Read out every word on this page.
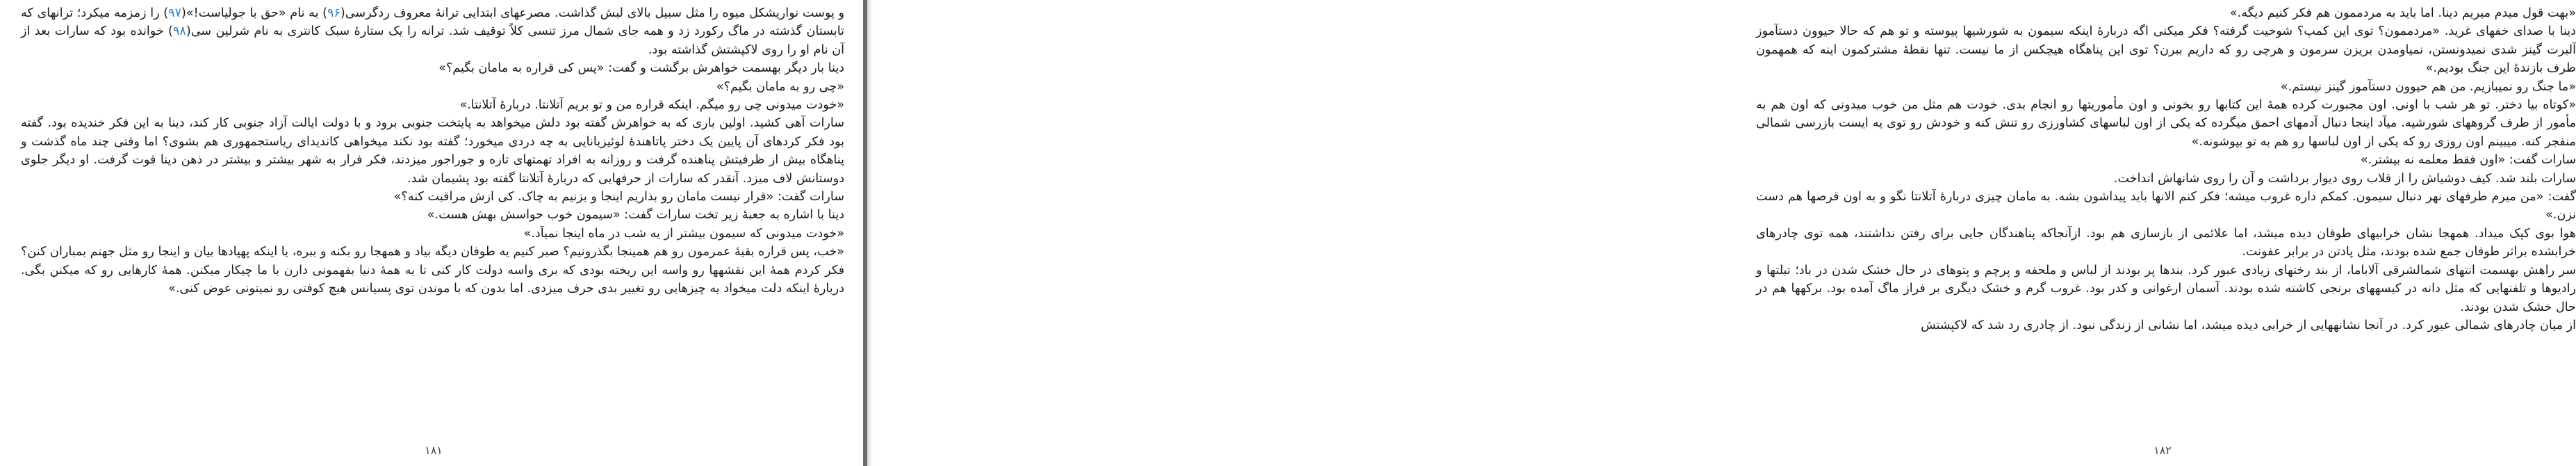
و پوست نواریشکل میوه را مثل سبیل بالای لبش گذاشت. مصرعهای ابتدایی ترانهٔ معروف ردگرسی(۹۶) به نام «حق با جولیاست!»(۹۷) را زمزمه میکرد؛ ترانهای که تابستان گذشته در ماگ رکورد زد و همه جای شمال مرز تنسی کلاً توقیف شد. ترانه را یک ستارهٔ سبک کانتری به نام شرلین سی(۹۸) خوانده بود که سارات بعد از آن نام او را روی لاکپشتش گذاشته بود.

دینا بار دیگر بهسمت خواهرش برگشت و گفت: «پس کی قراره به مامان بگیم؟»

«چی رو به مامان بگیم؟»

«خودت میدونی چی رو میگم. اینکه قراره من و تو بریم آتلانتا. دربارهٔ آتلانتا.»

سارات آهی کشید. اولین باری که به خواهرش گفته بود دلش میخواهد به پایتخت جنوبی برود و با دولت ایالت آزاد جنوبی کار کند، دینا به این فکر خندیده بود. گفته بود فکر کردهای آن پایین یک دختر پاتاهندهٔ لوئیزیانایی به چه دردی میخورد؛ گفته بود نکند میخواهی کاندیدای ریاستجمهوری هم بشوی؟ اما وقتی چند ماه گذشت و پناهگاه بیش از ظرفیتش پناهنده گرفت و روزانه به افراد تهمتهای تازه و جوراجور میزدند، فکر فرار به شهر بیشتر و بیشتر در ذهن دینا قوت گرفت. او دیگر جلوی دوستانش لاف میزد. آنقدر که سارات از حرفهایی که دربارهٔ آتلانتا گفته بود پشیمان شد.

سارات گفت: «قرار نیست مامان رو بذاریم اینجا و بزنیم به چاک. کی ازش مراقبت کنه؟»

دینا با اشاره به جعبهٔ زیر تخت سارات گفت: «سیمون خوب حواسش بهش هست.»

«خودت میدونی که سیمون بیشتر از یه شب در ماه اینجا نمیآد.»

«خب، پس قراره بقیهٔ عمرمون رو هم همینجا بگذرونیم؟ صبر کنیم یه طوفان دیگه بیاد و همهجا رو بکنه و ببره، یا اینکه پهپادها بیان و اینجا رو مثل جهنم بمباران کنن؟ فکر کردم همهٔ این نقشهها رو واسه این ریخته بودی که بری واسه دولت کار کنی تا به همهٔ دنیا بفهمونی دارن با ما چیکار میکنن. همهٔ کارهایی رو که میکنن بگی. دربارهٔ اینکه دلت میخواد یه چیزهایی رو تغییر بدی حرف میزدی. اما بدون که با موندن توی پسیانس هیچ کوفتی رو نمیتونی عوض کنی.»

۱۸۱

«بهت قول میدم میریم دینا. اما باید به مردممون هم فکر کنیم دیگه.»

دینا با صدای خفهای غرید. «مردممون؟ توی این کمپ؟ شوخیت گرفته؟ فکر میکنی اگه دربارهٔ اینکه سیمون به شورشیها پیوسته و تو هم که حالا حیوون دستآموز آلبرت گینز شدی نمیدونستن، نمیاومدن بریزن سرمون و هرچی رو که داریم ببرن؟ توی این پناهگاه هیچکس از ما نیست. تنها نقطهٔ مشترکمون اینه که همهمون طرف بازندهٔ این جنگ بودیم.»

«ما جنگ رو نمیبازیم. من هم حیوون دستآموز گینز نیستم.»

«کوتاه بیا دختر. تو هر شب با اونی. اون مجبورت کرده همهٔ این کتابها رو بخونی و اون مأموریتها رو انجام بدی. خودت هم مثل من خوب میدونی که اون هم به مأمور از طرف گروههای شورشیه. میآد اینجا دنبال آدمهای احمق میگرده که یکی از اون لباسهای کشاورزی رو تنش کنه و خودش رو توی یه ایست بازرسی شمالی منفجر کنه. میبینم اون روزی رو که یکی از اون لباسها رو هم به تو بپوشونه.»

سارات گفت: «اون فقط معلمه نه بیشتر.»

سارات بلند شد. کیف دوشیاش را از قلاب روی دیوار برداشت و آن را روی شانهاش انداخت.

گفت: «من میرم طرفهای نهر دنبال سیمون. کمکم داره غروب میشه؛ فکر کنم الانها باید پیداشون بشه. به مامان چیزی دربارهٔ آتلانتا نگو و به اون قرصها هم دست نزن.»

هوا بوی کپک میداد. همهجا نشان خرابیهای طوفان دیده میشد، اما علائمی از بازسازی هم بود. ازآنجاکه پناهندگان جایی برای رفتن نداشتند، همه توی چادرهای خرابشده براثر طوفان جمع شده بودند، مثل پادتن در برابر عفونت.

سر راهش بهسمت انتهای شمالشرقی آلاباما، از بند رختهای زیادی عبور کرد. بندها پر بودند از لباس و ملحفه و پرچم و پتوهای در حال خشک شدن در باد؛ تبلتها و رادیوها و تلفنهایی که مثل دانه در کیسههای برنجی کاشته شده بودند. آسمان ارغوانی و کدر بود. غروب گرم و خشک دیگری بر فراز ماگ آمده بود. برکهها هم در حال خشک شدن بودند.

از میان چادرهای شمالی عبور کرد. در آنجا نشانههایی از خرابی دیده میشد، اما نشانی از زندگی نبود. از چادری رد شد که لاکپشتش

۱۸۲
